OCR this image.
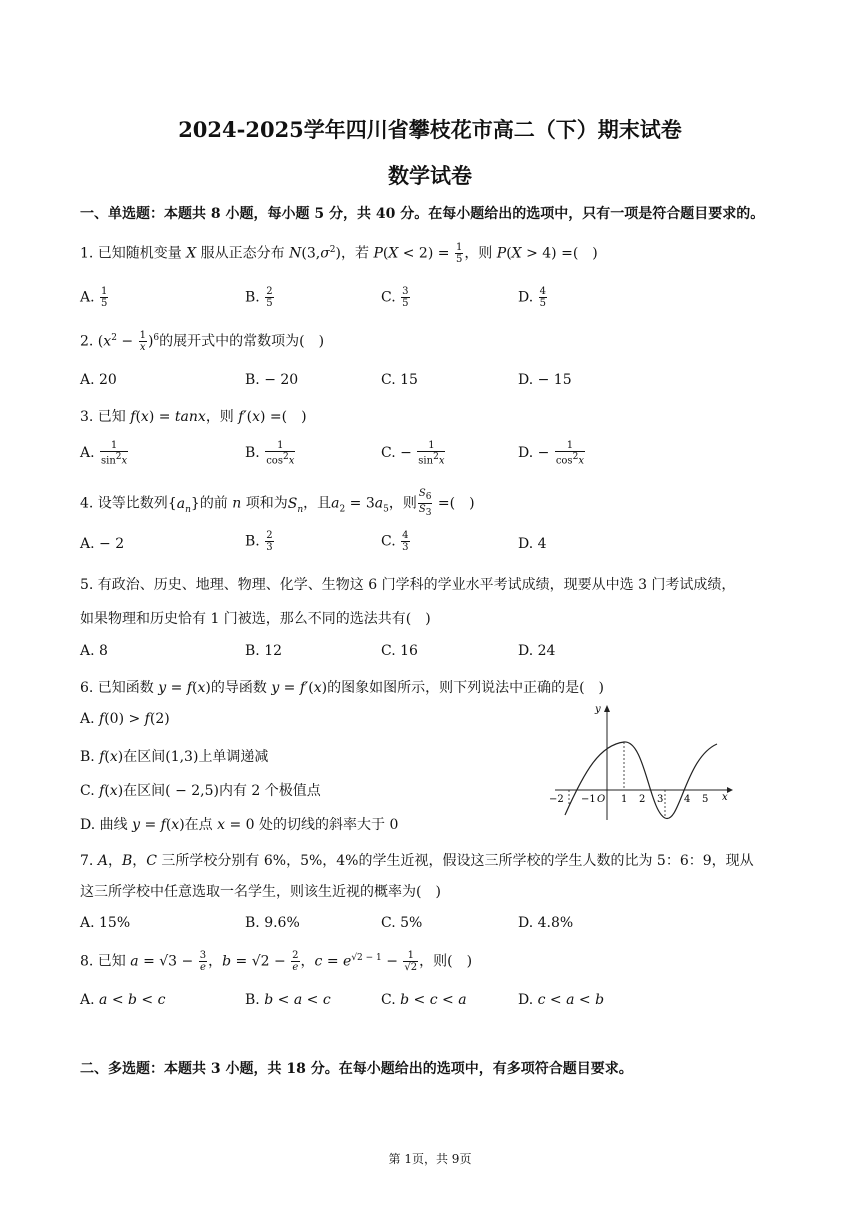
2024-2025学年四川省攀枝花市高二（下）期末试卷
数学试卷
一、单选题：本题共 8 小题，每小题 5 分，共 40 分。在每小题给出的选项中，只有一项是符合题目要求的。
1. 已知随机变量 X 服从正态分布 $N(3,\sigma^2)$，若 $P(X < 2) = \frac{1}{5}$ ，则 P(X > 4) =(　)
A. $\frac{1}{5}$	B. $\frac{2}{5}$	C. $\frac{3}{5}$	D. $\frac{4}{5}$
2. $(x^2 - \frac{1}{x} )^6$的展开式中的常数项为(　)
A. 20	B. − 20	C. 15	D. − 15
3. 已知 f(x) = tanx，则 f′(x) =(　)
A. $\frac{1}{\sin^2x}$	B. $\frac{1}{\cos^2x}$	C. − $\frac{1}{\sin^2x}$	D. − $\frac{1}{\cos^2x}$
4. 设等比数列$\{a_n\}$的前 n 项和为$S_n$，且$a_2 = 3a_5$，则 $\frac{S_6}{S_3}$ =(　)
A. − 2	B. $\frac{2}{3}$	C. $\frac{4}{3}$	D. 4
5. 有政治、历史、地理、物理、化学、生物这 6 门学科的学业水平考试成绩，现要从中选 3 门考试成绩，
如果物理和历史恰有 1 门被选，那么不同的选法共有(　)
A. 8	B. 12	C. 16	D. 24
6. 已知函数 y = f(x)的导函数 y = f′(x)的图象如图所示，则下列说法中正确的是(　)
A. f(0) > f(2)
B. f(x)在区间(1,3)上单调递减
C. f(x)在区间( − 2,5)内有 2 个极值点
D. 曲线 y = f(x)在点 x = 0 处的切线的斜率大于 0
y
x
O
−2 −1	1 2 3 4 5
7. A，B，C 三所学校分别有 6%，5%，4%的学生近视，假设这三所学校的学生人数的比为 5：6：9，现从
这三所学校中任意选取一名学生，则该生近视的概率为(　)
A. 15%	B. 9.6%	C. 5%	D. 4.8%
8. 已知 $a = √3 - \frac{3}{e}$ ，$b = √2 - \frac{2}{e}$ ，$c = e^{√2 - 1} - \frac{1}{√2}$ ，则(　)
A. a < b < c	B. b < a < c	C. b < c < a	D. c < a < b
二、多选题：本题共 3 小题，共 18 分。在每小题给出的选项中，有多项符合题目要求。
第 1页，共 9页
